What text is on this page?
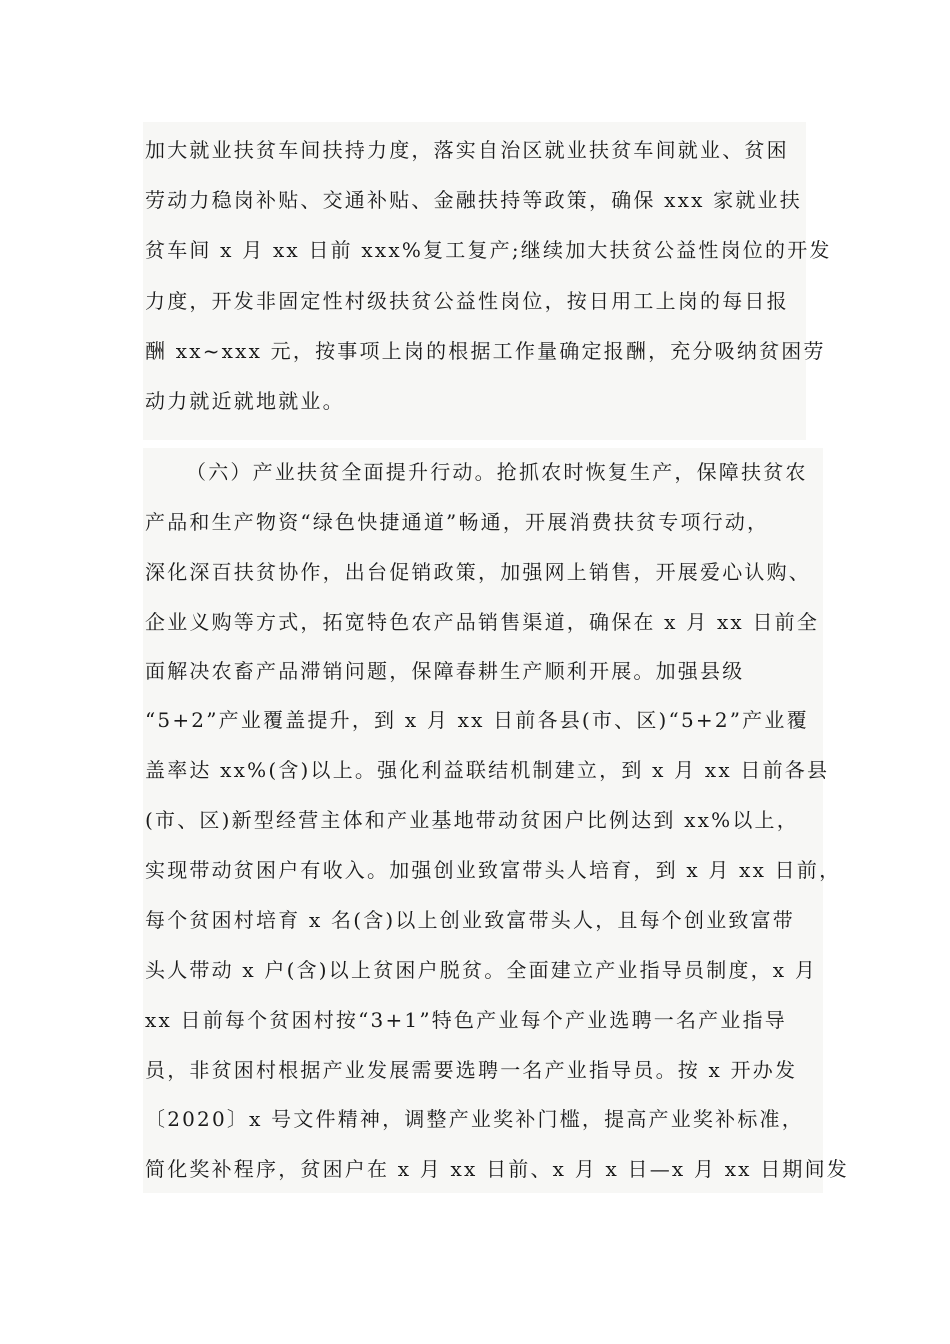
加大就业扶贫车间扶持力度，落实自治区就业扶贫车间就业、贫困
劳动力稳岗补贴、交通补贴、金融扶持等政策，确保 xxx 家就业扶
贫车间 x 月 xx 日前 xxx%复工复产;继续加大扶贫公益性岗位的开发
力度，开发非固定性村级扶贫公益性岗位，按日用工上岗的每日报
酬 xx~xxx 元，按事项上岗的根据工作量确定报酬，充分吸纳贫困劳
动力就近就地就业。
（六）产业扶贫全面提升行动。抢抓农时恢复生产，保障扶贫农
产品和生产物资“绿色快捷通道”畅通，开展消费扶贫专项行动，
深化深百扶贫协作，出台促销政策，加强网上销售，开展爱心认购、
企业义购等方式，拓宽特色农产品销售渠道，确保在 x 月 xx 日前全
面解决农畜产品滞销问题，保障春耕生产顺利开展。加强县级
“5+2”产业覆盖提升，到 x 月 xx 日前各县(市、区)“5+2”产业覆
盖率达 xx%(含)以上。强化利益联结机制建立，到 x 月 xx 日前各县
(市、区)新型经营主体和产业基地带动贫困户比例达到 xx%以上，
实现带动贫困户有收入。加强创业致富带头人培育，到 x 月 xx 日前，
每个贫困村培育 x 名(含)以上创业致富带头人，且每个创业致富带
头人带动 x 户(含)以上贫困户脱贫。全面建立产业指导员制度，x 月
xx 日前每个贫困村按“3+1”特色产业每个产业选聘一名产业指导
员，非贫困村根据产业发展需要选聘一名产业指导员。按 x 开办发
〔2020〕x 号文件精神，调整产业奖补门槛，提高产业奖补标准，
简化奖补程序，贫困户在 x 月 xx 日前、x 月 x 日—x 月 xx 日期间发
